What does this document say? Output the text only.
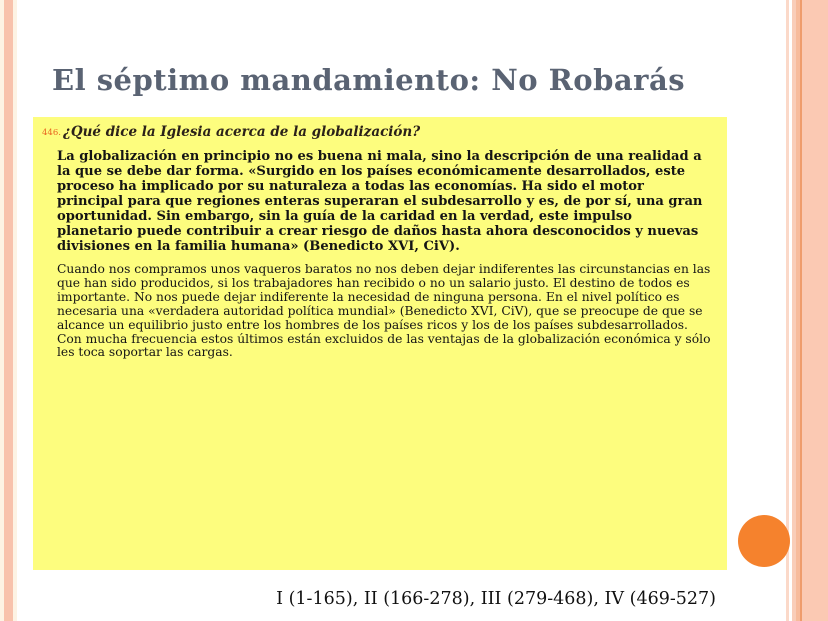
El séptimo mandamiento: No Robarás
446. ¿Qué dice la Iglesia acerca de la globalización?

La globalización en principio no es buena ni mala, sino la descripción de una realidad a la que se debe dar forma. «Surgido en los países económicamente desarrollados, este proceso ha implicado por su naturaleza a todas las economías. Ha sido el motor principal para que regiones enteras superaran el subdesarrollo y es, de por sí, una gran oportunidad. Sin embargo, sin la guía de la caridad en la verdad, este impulso planetario puede contribuir a crear riesgo de daños hasta ahora desconocidos y nuevas divisiones en la familia humana» (Benedicto XVI, CiV).

Cuando nos compramos unos vaqueros baratos no nos deben dejar indiferentes las circunstancias en las que han sido producidos, si los trabajadores han recibido o no un salario justo. El destino de todos es importante. No nos puede dejar indiferente la necesidad de ninguna persona. En el nivel político es necesaria una «verdadera autoridad política mundial» (Benedicto XVI, CiV), que se preocupe de que se alcance un equilibrio justo entre los hombres de los países ricos y los de los países subdesarrollados. Con mucha frecuencia estos últimos están excluidos de las ventajas de la globalización económica y sólo les toca soportar las cargas.

I (1-165), II (166-278), III (279-468), IV (469-527)
